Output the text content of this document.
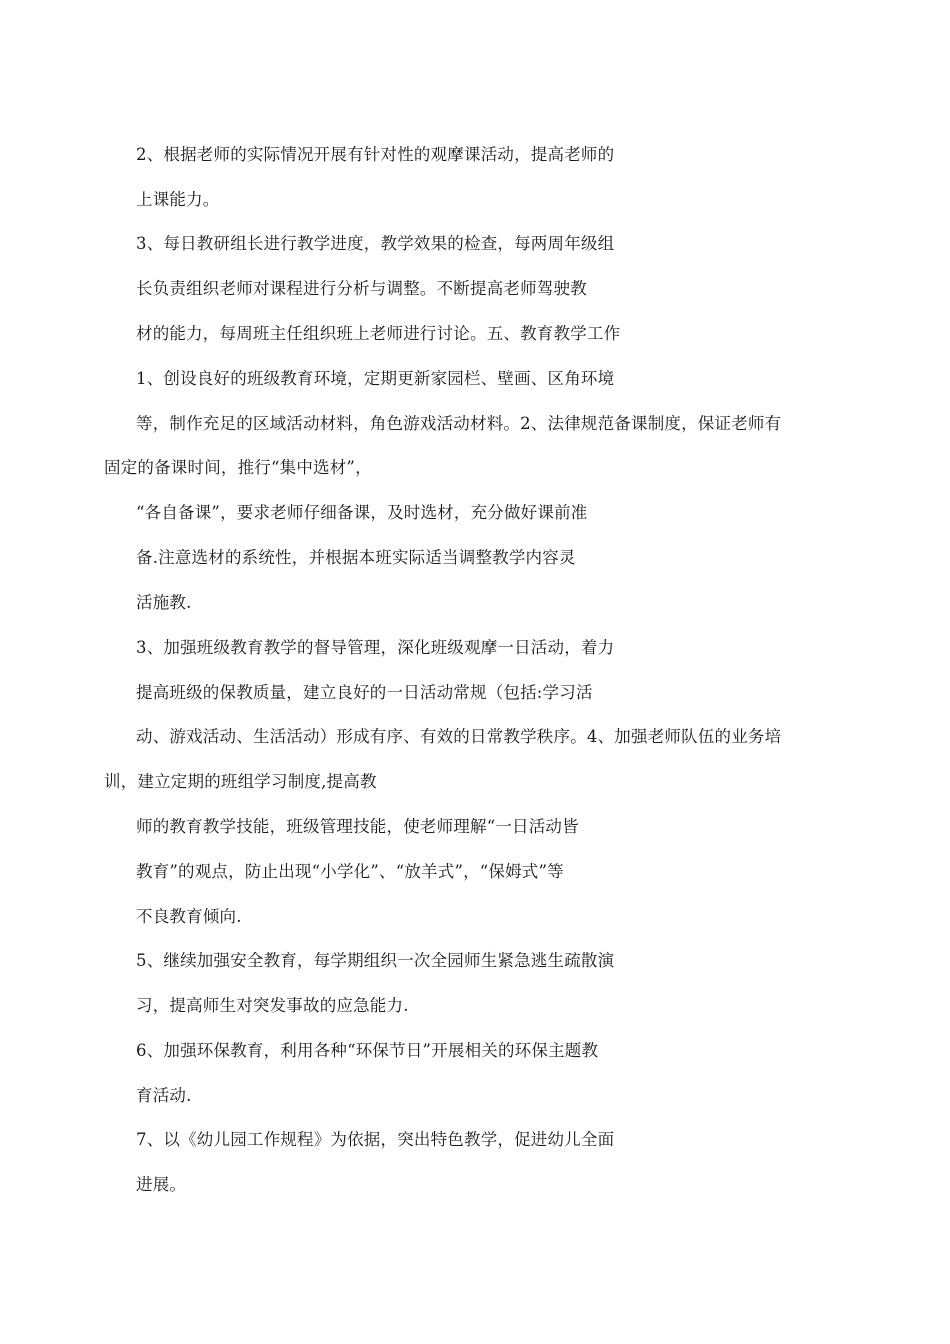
2、根据老师的实际情况开展有针对性的观摩课活动，提高老师的
上课能力。
3、每日教研组长进行教学进度，教学效果的检查，每两周年级组
长负责组织老师对课程进行分析与调整。不断提高老师驾驶教
材的能力，每周班主任组织班上老师进行讨论。五、教育教学工作
1、创设良好的班级教育环境，定期更新家园栏、壁画、区角环境
等，制作充足的区域活动材料，角色游戏活动材料。2、法律规范备课制度，保证老师有
固定的备课时间，推行“集中选材”，
“各自备课”，要求老师仔细备课，及时选材，充分做好课前准
备.注意选材的系统性，并根据本班实际适当调整教学内容灵
活施教.
3、加强班级教育教学的督导管理，深化班级观摩一日活动，着力
提高班级的保教质量，建立良好的一日活动常规（包括:学习活
动、游戏活动、生活活动）形成有序、有效的日常教学秩序。4、加强老师队伍的业务培
训，建立定期的班组学习制度,提高教
师的教育教学技能，班级管理技能，使老师理解“一日活动皆
教育”的观点，防止出现“小学化”、“放羊式”，“保姆式”等
不良教育倾向.
5、继续加强安全教育，每学期组织一次全园师生紧急逃生疏散演
习，提高师生对突发事故的应急能力.
6、加强环保教育，利用各种“环保节日”开展相关的环保主题教
育活动.
7、以《幼儿园工作规程》为依据，突出特色教学，促进幼儿全面
进展。
